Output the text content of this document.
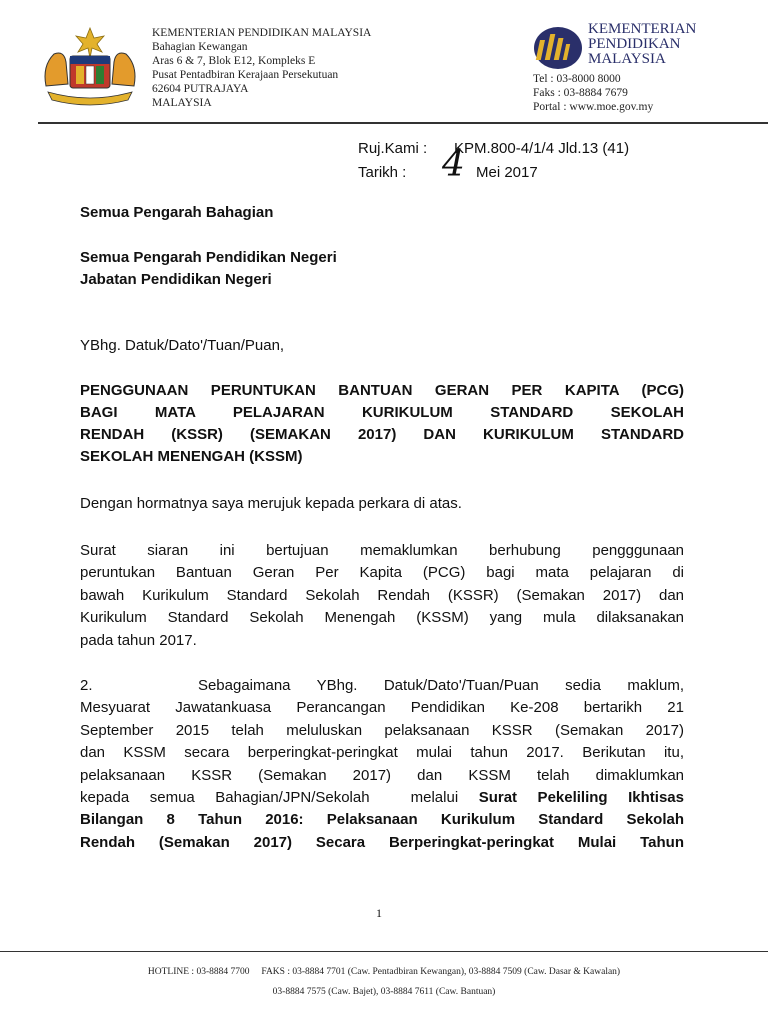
KEMENTERIAN PENDIDIKAN MALAYSIA
Bahagian Kewangan
Aras 6 & 7, Blok E12, Kompleks E
Pusat Pentadbiran Kerajaan Persekutuan
62604 PUTRAJAYA
MALAYSIA
KEMENTERIAN
PENDIDIKAN
MALAYSIA
Tel : 03-8000 8000
Faks : 03-8884 7679
Portal : www.moe.gov.my
Ruj.Kami :	KPM.800-4/1/4 Jld.13 (41)
Tarikh : 4 Mei 2017
Semua Pengarah Bahagian
Semua Pengarah Pendidikan Negeri
Jabatan Pendidikan Negeri
YBhg. Datuk/Dato'/Tuan/Puan,
PENGGUNAAN PERUNTUKAN BANTUAN GERAN PER KAPITA (PCG)
BAGI MATA PELAJARAN KURIKULUM STANDARD SEKOLAH
RENDAH (KSSR) (SEMAKAN 2017) DAN KURIKULUM STANDARD
SEKOLAH MENENGAH (KSSM)
Dengan hormatnya saya merujuk kepada perkara di atas.
Surat siaran ini bertujuan memaklumkan berhubung pengggunaan
peruntukan Bantuan Geran Per Kapita (PCG) bagi mata pelajaran di
bawah Kurikulum Standard Sekolah Rendah (KSSR) (Semakan 2017) dan
Kurikulum Standard Sekolah Menengah (KSSM) yang mula dilaksanakan
pada tahun 2017.
2.    Sebagaimana YBhg. Datuk/Dato'/Tuan/Puan sedia maklum,
Mesyuarat Jawatankuasa Perancangan Pendidikan Ke-208 bertarikh 21
September 2015 telah meluluskan pelaksanaan KSSR (Semakan 2017)
dan KSSM secara berperingkat-peringkat mulai tahun 2017. Berikutan itu,
pelaksanaan KSSR (Semakan 2017) dan KSSM telah dimaklumkan
kepada semua Bahagian/JPN/Sekolah  melalui Surat Pekeliling Ikhtisas
Bilangan 8 Tahun 2016: Pelaksanaan Kurikulum Standard Sekolah
Rendah (Semakan 2017) Secara Berperingkat-peringkat Mulai Tahun
1
HOTLINE : 03-8884 7700     FAKS : 03-8884 7701 (Caw. Pentadbiran Kewangan), 03-8884 7509 (Caw. Dasar & Kawalan)
03-8884 7575 (Caw. Bajet), 03-8884 7611 (Caw. Bantuan)
